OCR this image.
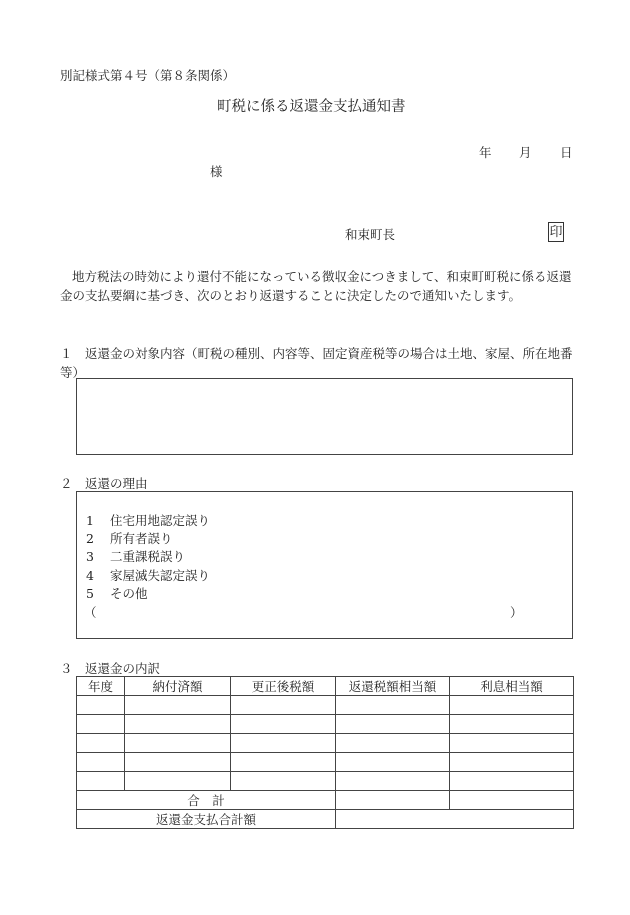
別記様式第４号（第８条関係）
町税に係る返還金支払通知書
年 月 日
様
和束町長	印
地方税法の時効により還付不能になっている徴収金につきまして、和束町町税に係る返還金の支払要綱に基づき、次のとおり返還することに決定したので通知いたします。
１　返還金の対象内容（町税の種別、内容等、固定資産税等の場合は土地、家屋、所在地番等）
２　返還の理由
1 住宅用地認定誤り
2 所有者誤り
3 二重課税誤り
4 家屋滅失認定誤り
5 その他
（	）
３　返還金の内訳
年度	納付済額	更正後税額	返還税額相当額	利息相当額

合　計				
返還金支払合計額				
